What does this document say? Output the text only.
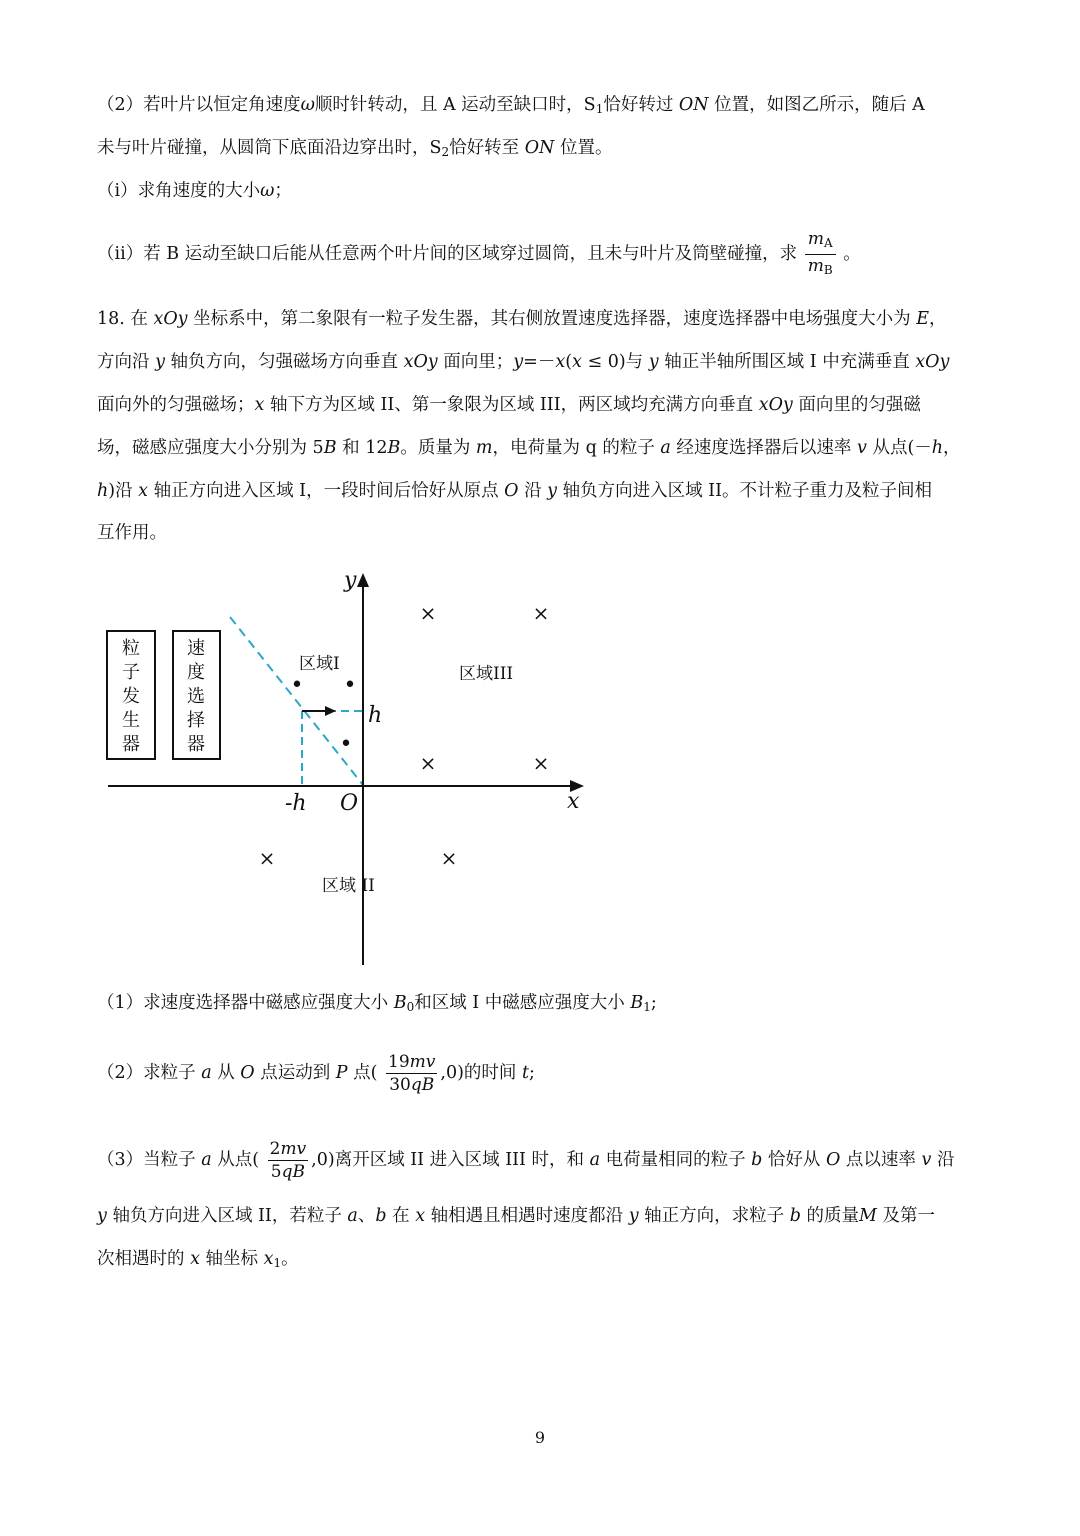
（2）若叶片以恒定角速度ω顺时针转动，且 A 运动至缺口时，$S_1$恰好转过 ON 位置，如图乙所示，随后 A
未与叶片碰撞，从圆筒下底面沿边穿出时，$S_2$恰好转至 ON 位置。
（i）求角速度的大小ω；
（ii）若 B 运动至缺口后能从任意两个叶片间的区域穿过圆筒，且未与叶片及筒壁碰撞，求 $\frac{m_A}{m_B}$ 。
18. 在 xOy 坐标系中，第二象限有一粒子发生器，其右侧放置速度选择器，速度选择器中电场强度大小为 E，
方向沿 y 轴负方向，匀强磁场方向垂直 xOy 面向里；y=－x(x ≤ 0)与 y 轴正半轴所围区域 I 中充满垂直 xOy
面向外的匀强磁场；x 轴下方为区域 II、第一象限为区域 III，两区域均充满方向垂直 xOy 面向里的匀强磁
场，磁感应强度大小分别为 5B 和 12B。质量为 m，电荷量为 q 的粒子 a 经速度选择器后以速率 v 从点(－h，
h)沿 x 轴正方向进入区域 I，一段时间后恰好从原点 O 沿 y 轴负方向进入区域 II。不计粒子重力及粒子间相
互作用。
粒
子
发
生
器
速
度
选
择
器
y
x
O
h
-h
区域I	区域III
区域 II
• •
•
×	×
×	×
×	×
（1）求速度选择器中磁感应强度大小 $B_0$和区域 I 中磁感应强度大小 $B_1$;
（2）求粒子 a 从 O 点运动到 P 点( $\frac{19mv}{30qB} ,0$)的时间 t;
（3）当粒子 a 从点( $\frac{2mv}{5qB} ,0$)离开区域 II 进入区域 III 时，和 a 电荷量相同的粒子 b 恰好从 O 点以速率 v 沿
y 轴负方向进入区域 II，若粒子 a、b 在 x 轴相遇且相遇时速度都沿 y 轴正方向，求粒子 b 的质量M 及第一
次相遇时的 x 轴坐标 $x_1$。
9
